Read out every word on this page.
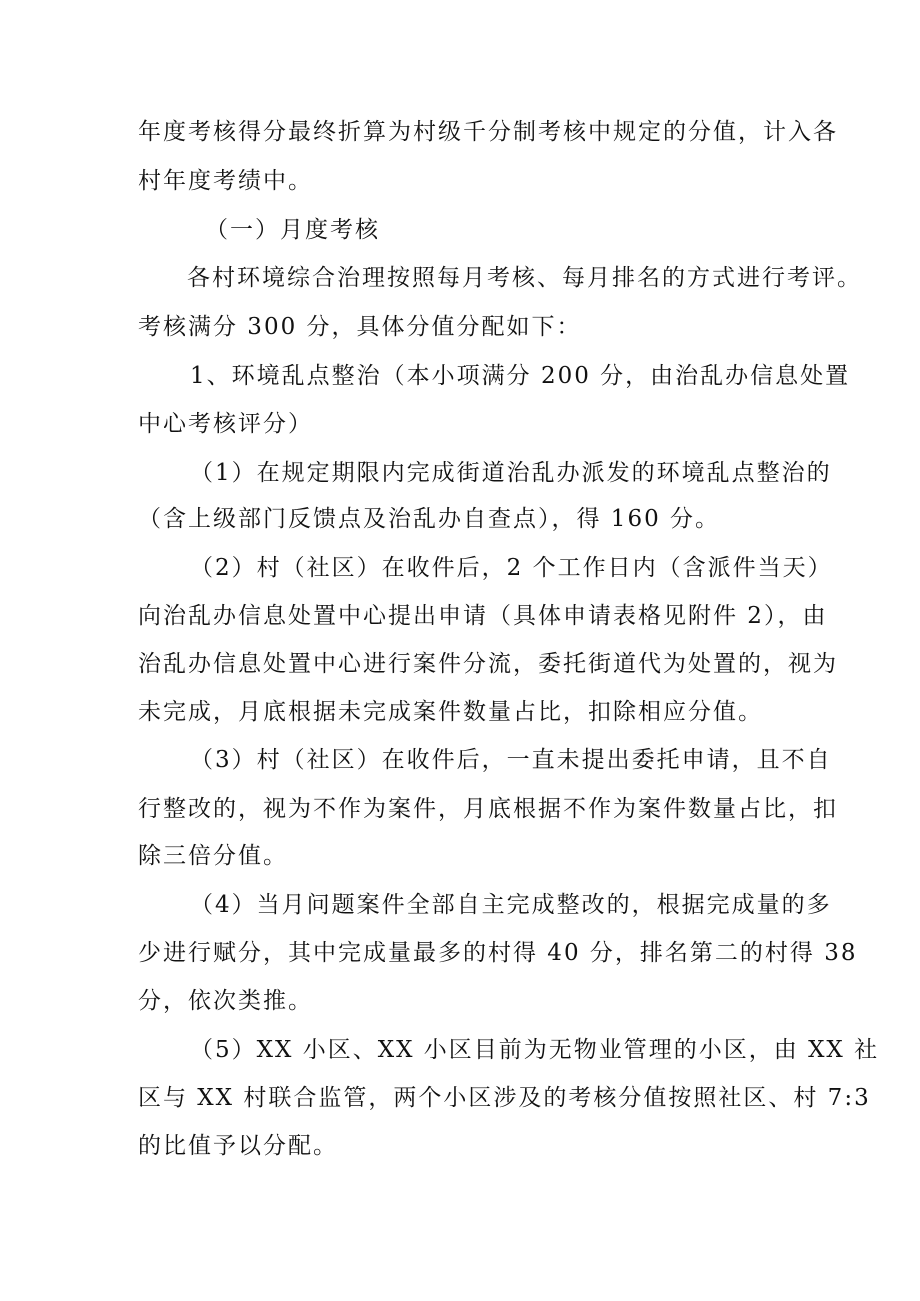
年度考核得分最终折算为村级千分制考核中规定的分值，计入各
村年度考绩中。
（一）月度考核
各村环境综合治理按照每月考核、每月排名的方式进行考评。
考核满分 300 分，具体分值分配如下：
1、环境乱点整治（本小项满分 200 分，由治乱办信息处置
中心考核评分）
（1）在规定期限内完成街道治乱办派发的环境乱点整治的
（含上级部门反馈点及治乱办自查点），得 160 分。
（2）村（社区）在收件后，2 个工作日内（含派件当天）
向治乱办信息处置中心提出申请（具体申请表格见附件 2），由
治乱办信息处置中心进行案件分流，委托街道代为处置的，视为
未完成，月底根据未完成案件数量占比，扣除相应分值。
（3）村（社区）在收件后，一直未提出委托申请，且不自
行整改的，视为不作为案件，月底根据不作为案件数量占比，扣
除三倍分值。
（4）当月问题案件全部自主完成整改的，根据完成量的多
少进行赋分，其中完成量最多的村得 40 分，排名第二的村得 38
分，依次类推。
（5）XX 小区、XX 小区目前为无物业管理的小区，由 XX 社
区与 XX 村联合监管，两个小区涉及的考核分值按照社区、村 7:3
的比值予以分配。
